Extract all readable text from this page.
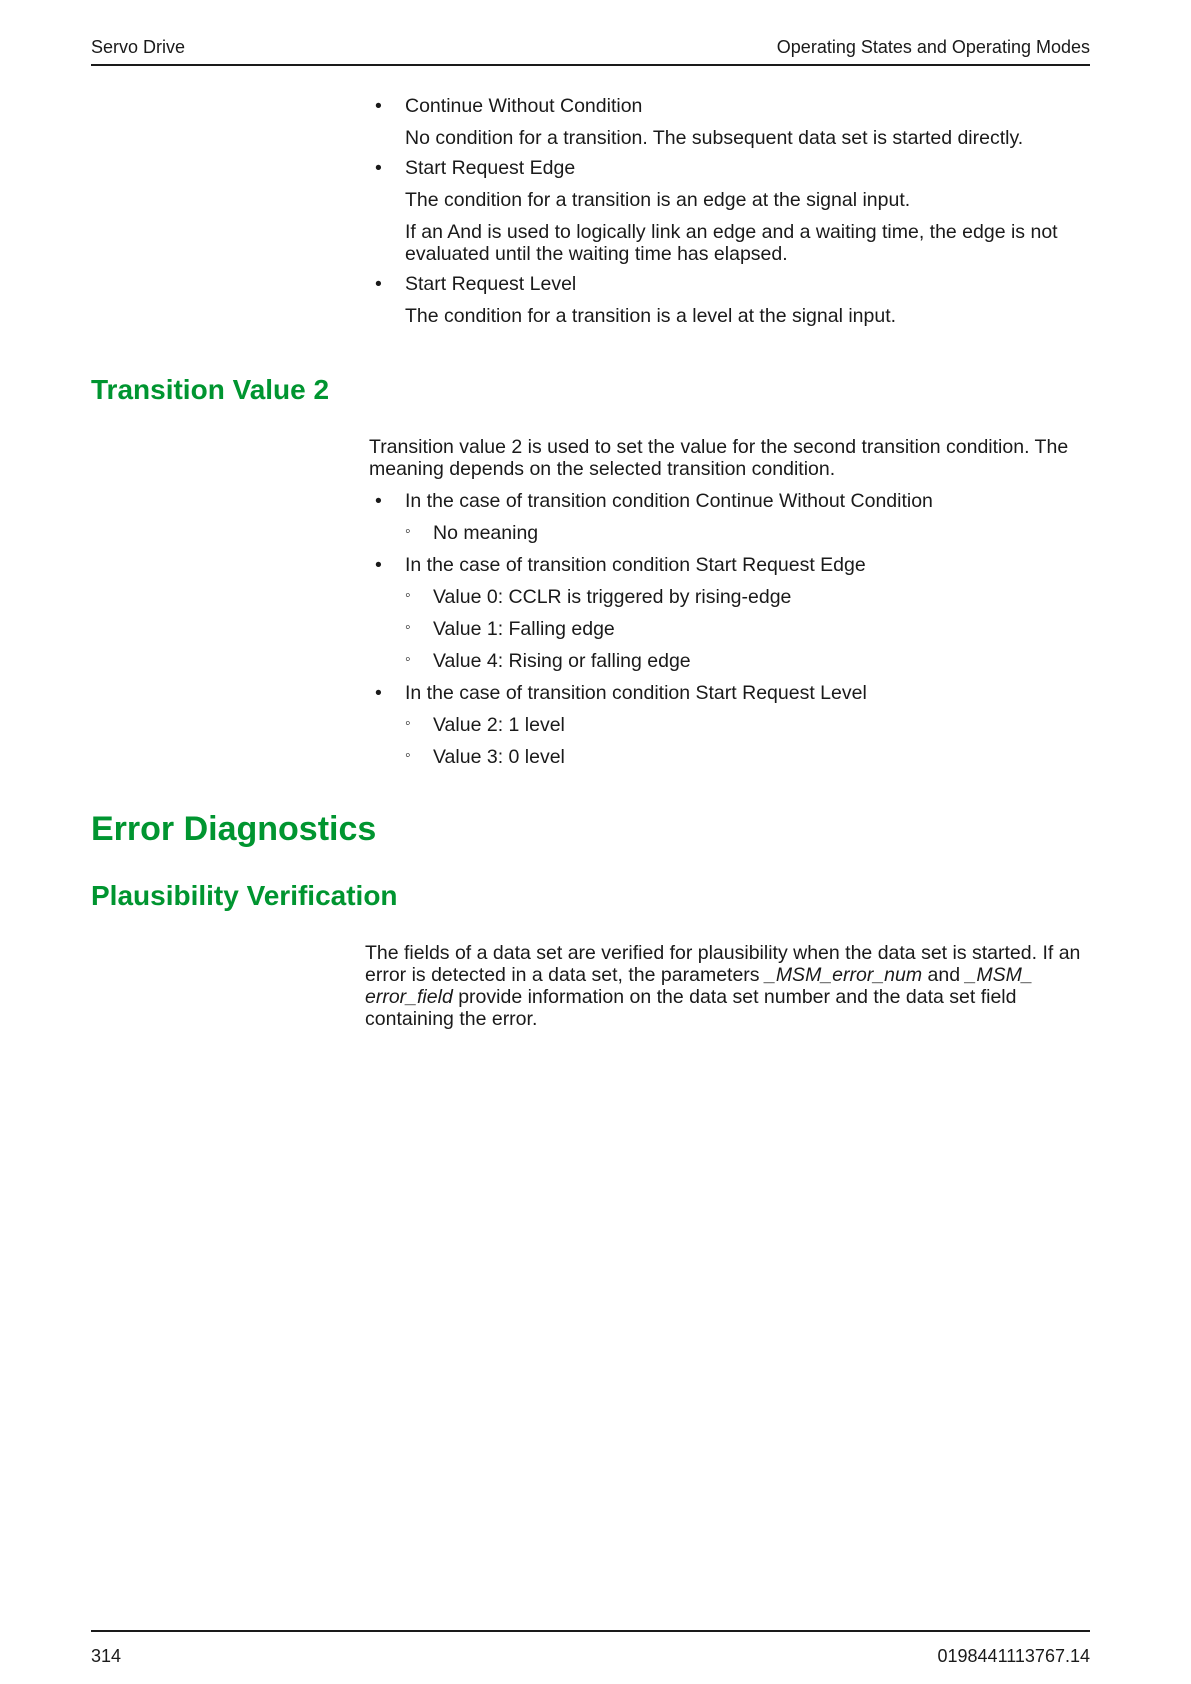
Servo Drive	Operating States and Operating Modes
• Continue Without Condition
No condition for a transition. The subsequent data set is started directly.
• Start Request Edge
The condition for a transition is an edge at the signal input.
If an And is used to logically link an edge and a waiting time, the edge is not evaluated until the waiting time has elapsed.
• Start Request Level
The condition for a transition is a level at the signal input.
Transition Value 2

Transition value 2 is used to set the value for the second transition condition. The meaning depends on the selected transition condition.

• In the case of transition condition Continue Without Condition
◦ No meaning
• In the case of transition condition Start Request Edge
◦ Value 0: CCLR is triggered by rising-edge
◦ Value 1: Falling edge
◦ Value 4: Rising or falling edge
• In the case of transition condition Start Request Level
◦ Value 2: 1 level
◦ Value 3: 0 level
Error Diagnostics
Plausibility Verification

The fields of a data set are verified for plausibility when the data set is started. If an error is detected in a data set, the parameters _MSM_error_num and _MSM_ error_field provide information on the data set number and the data set field containing the error.

314	0198441113767.14
